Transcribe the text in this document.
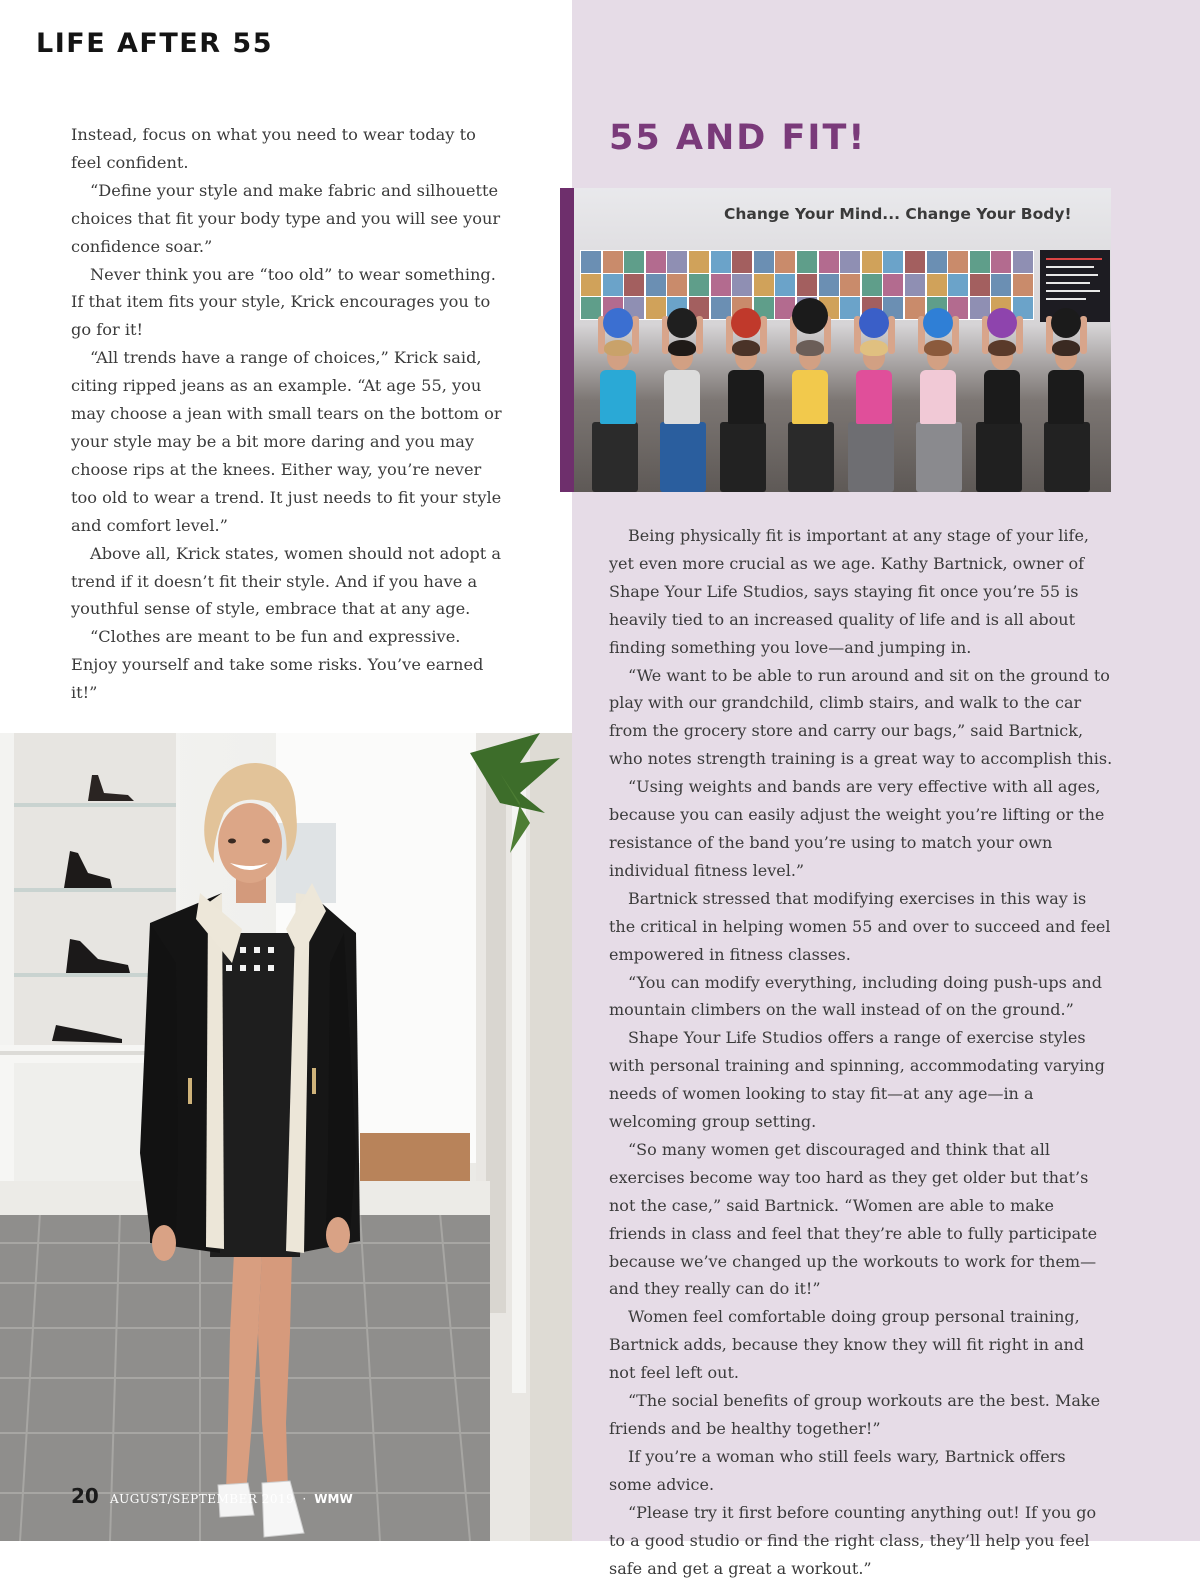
LIFE AFTER 55

Instead, focus on what you need to wear today to feel confident.

“Define your style and make fabric and silhouette choices that fit your body type and you will see your confidence soar.”

Never think you are “too old” to wear something. If that item fits your style, Krick encourages you to go for it!

“All trends have a range of choices,” Krick said, citing ripped jeans as an example. “At age 55, you may choose a jean with small tears on the bottom or your style may be a bit more daring and you may choose rips at the knees. Either way, you’re never too old to wear a trend. It just needs to fit your style and comfort level.”

Above all, Krick states, women should not adopt a trend if it doesn’t fit their style. And if you have a youthful sense of style, embrace that at any age.

“Clothes are meant to be fun and expressive. Enjoy yourself and take some risks. You’ve earned it!”

55 AND FIT!

Change Your Mind... Change Your Body!

Being physically fit is important at any stage of your life, yet even more crucial as we age. Kathy Bartnick, owner of Shape Your Life Studios, says staying fit once you’re 55 is heavily tied to an increased quality of life and is all about finding something you love—and jumping in.

“We want to be able to run around and sit on the ground to play with our grandchild, climb stairs, and walk to the car from the grocery store and carry our bags,” said Bartnick, who notes strength training is a great way to accomplish this.

“Using weights and bands are very effective with all ages, because you can easily adjust the weight you’re lifting or the resistance of the band you’re using to match your own individual fitness level.”

Bartnick stressed that modifying exercises in this way is the critical in helping women 55 and over to succeed and feel empowered in fitness classes.

“You can modify everything, including doing push-ups and mountain climbers on the wall instead of on the ground.”

Shape Your Life Studios offers a range of exercise styles with personal training and spinning, accommodating varying needs of women looking to stay fit—at any age—in a welcoming group setting.

“So many women get discouraged and think that all exercises become way too hard as they get older but that’s not the case,” said Bartnick. “Women are able to make friends in class and feel that they’re able to fully participate because we’ve changed up the workouts to work for them—and they really can do it!”

Women feel comfortable doing group personal training, Bartnick adds, because they know they will fit right in and not feel left out.

“The social benefits of group workouts are the best. Make friends and be healthy together!”

If you’re a woman who still feels wary, Bartnick offers some advice.

“Please try it first before counting anything out! If you go to a good studio or find the right class, they’ll help you feel safe and get a great a workout.”

20 AUGUST/SEPTEMBER 2019 · WMW
